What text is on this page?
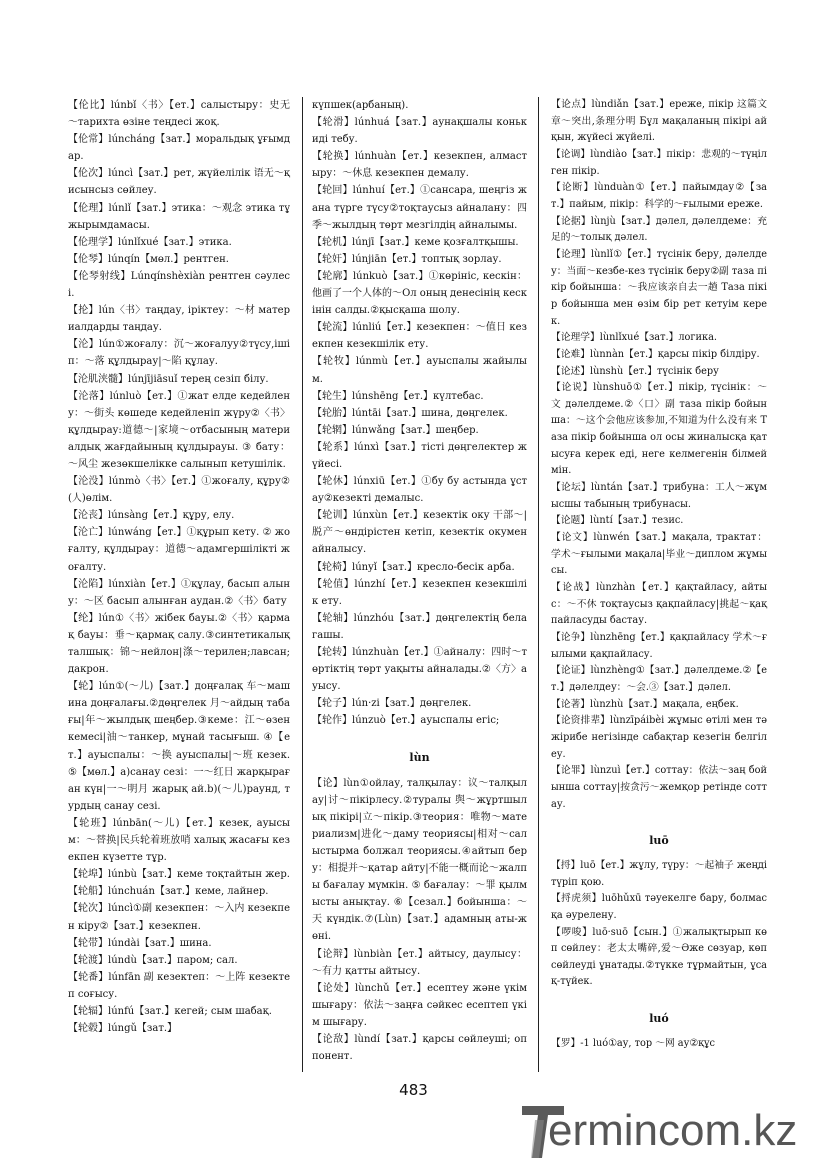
【伦比】lúnbǐ〈书〉【ет.】салыстыру：史无～тарихта өзіне теңдесі жоқ.

【伦常】lúncháng【зат.】моральдық ұғымдар.

【伦次】lúncì【зат.】рет, жүйелілік 语无～қисынсыз сөйлеу.

【伦理】lúnlǐ【зат.】этика：～观念 этика тұжырымдамасы.

【伦理学】lúnlǐxué【зат.】этика.

【伦琴】lúnqín【мөл.】рентген.

【伦琴射线】Lúnqínshèxiàn рентген сәулесі.

【抡】lún〈书〉таңдау, іріктеу：～材 материалдарды таңдау.

【沦】lún①жоғалу：沉～жоғалуу②түсу,ішіп：～落 құлдырау|～陷 құлау.

【沦肌浃髓】lúnjījiāsuǐ терең сезіп білу.

【沦落】lúnluò【ет.】①жат елде кедейлену：～街头 көшеде кедейленіп жүру②〈书〉құлдырау:道德～|家境～отбасының материалдық жағдайының құлдырауы. ③ бату：～风尘 жезөкшелікке салынып кетушілік.

【沦没】lúnmò〈书〉【ет.】①жоғалу, құру②(人)өлім.

【沦丧】lúnsàng【ет.】құру, елу.

【沦亡】lúnwáng【ет.】①құрып кету. ② жоғалту, құлдырау：道德～адамгершілікті жоғалту.

【沦陷】lúnxiàn【ет.】①құлау, басып алыну：～区 басып алынған аудан.②〈书〉бату

【纶】lún①〈书〉жібек бауы.②〈书〉қармақ бауы：垂～қармақ салу.③синтетикалық талшық：锦～нейлон|涤～терилен;лавсан;дакрон.

【轮】lún①(～儿)【зат.】доңғалақ 车～машина доңғалағы.②дөңгелек 月～айдың табағы|年～жылдық шеңбер.③кеме：江～өзен кемесі|油～танкер, мұнай тасығыш. ④【ет.】ауыспалы：～换 ауыспалы|～班 кезек. ⑤【мөл.】а)санау сезі：一～红日 жарқыраған күн|一～明月 жарық ай.b)(～儿)раунд, турдың санау сезі.

【轮班】lúnbān(～儿)【ет.】кезек, ауысым：～替换|民兵轮着班放哨 халық жасағы кезекпен күзетте тұр.

【轮埠】lúnbù【зат.】кеме тоқтайтын жер.

【轮船】lúnchuán【зат.】кеме, лайнер.

【轮次】lúncì①副 кезекпен：～入内 кезекпен кіру②【зат.】кезекпен.

【轮带】lúndài【зат.】шина.

【轮渡】lúndù【зат.】паром; сал.

【轮番】lúnfān 副 кезектеп：～上阵 кезектеп соғысу.

【轮辐】lúnfú【зат.】кегей; сым шабақ.

【轮毂】lúngǔ【зат.】

күпшек(арбаның).

【轮滑】lúnhuá【зат.】аунақшалы конькиді тебу.

【轮换】lúnhuàn【ет.】кезекпен, алмастыру：～休息 кезекпен демалу.

【轮回】lúnhuí【ет.】①сансара, шеңгіз жана түрге түсу②тоқтаусыз айналану：四季～жылдың төрт мезгілдің айналымы.

【轮机】lúnjī【зат.】кеме қозғалтқышы.

【轮奸】lúnjiān【ет.】топтық зорлау.

【轮廓】lúnkuò【зат.】①көрініс, кескін：他画了一个人体的～Ол оның денесінің кескінін салды.②қысқаша шолу.

【轮流】lúnliú【ет.】кезекпен：～值日 кезекпен кезекшілік ету.

【轮牧】lúnmù【ет.】ауыспалы жайылым.

【轮生】lúnshēng【ет.】күлтебас.

【轮胎】lúntāi【зат.】шина, дөңгелек.

【轮辋】lúnwǎng【зат.】шеңбер.

【轮系】lúnxì【зат.】тісті дөңгелектер жүйесі.

【轮休】lúnxiū【ет.】①бу бу астында ұстау②кезекті демалыс.

【轮训】lúnxùn【ет.】кезектік оку 干部～|脱产～өндірістен кетіп, кезектік окумен айналысу.

【轮椅】lúnyǐ【зат.】кресло-бесік арба.

【轮值】lúnzhí【ет.】кезекпен кезекшілік ету.

【轮轴】lúnzhóu【зат.】дөңгелектің белагашы.

【轮转】lúnzhuàn【ет.】①айналу：四时～төртіктің төрт уақыты айналады.②〈方〉ауысу.

【轮子】lún·zi【зат.】дөңгелек.

【轮作】lúnzuò【ет.】ауыспалы егіс;

lùn

【论】lùn①ойлау, талқылау：议～талқылау|讨～пікірлесу.②туралы 舆～жұртшылық пікірі|立～пікір.③теория：唯物～материализм|进化～даму теориясы|相对～салыстырма болжал теориясы.④айтып беру：相提并～қатар айту|不能一概而论～жалпы бағалау мүмкін. ⑤ бағалау：～罪 қылмысты анықтау. ⑥【сезал.】бойынша：～天 күндік.⑦(Lùn)【зат.】адамның аты-жөні.

【论辩】lùnbiàn【ет.】айтысу, даулысу：～有力 қатты айтысу.

【论处】lùnchǔ【ет.】есептеу және үкім шығару：依法～заңға сәйкес есептеп үкім шығару.

【论敌】lùndí【зат.】қарсы сөйлеуші; оппонент.

【论点】lùndiǎn【зат.】ереже, пікір 这篇文章～突出,条理分明 Бұл мақаланың пікірі айқын, жүйесі жүйелі.

【论调】lùndiào【зат.】пікір：悲观的～түңілген пікір.

【论断】lùnduàn①【ет.】пайымдау②【зат.】пайым, пікір：科学的～ғылыми ереже.

【论据】lùnjù【зат.】дәлел, дәлелдеме：充足的～толық дәлел.

【论理】lùnlǐ①【ет.】түсінік беру, дәлелдеу：当面～кезбе-кез түсінік беру②副 таза пікір бойынша：～我应该亲自去一趟 Таза пікір бойынша мен өзім бір рет кетуім керек.

【论理学】lùnlǐxué【зат.】логика.

【论难】lùnnàn【ет.】қарсы пікір білдіру.

【论述】lùnshù【ет.】түсінік беру

【论说】lùnshuō①【ет.】пікір, түсінік：～文 дәлелдеме.②〈口〉副 таза пікір бойынша：～这个会他应该参加,不知道为什么没有来 Таза пікір бойынша ол осы жиналысқа қатысуға керек еді, неге келмегенін білмеймін.

【论坛】lùntán【зат.】трибуна：工人～жұмысшы табының трибунасы.

【论题】lùntí【зат.】тезис.

【论文】lùnwén【зат.】мақала, трактат：学术～ғылыми мақала|毕业～диплом жұмысы.

【论战】lùnzhàn【ет.】қақтайласу, айтыс：～不休 тоқтаусыз қақпайласу|挑起～қақпайласуды бастау.

【论争】lùnzhēng【ет.】қақпайласу 学术～ғылыми қақпайласу.

【论证】lùnzhèng①【зат.】дәлелдеме.②【ет.】дәлелдеу：～会.③【зат.】дәлел.

【论著】lùnzhù【зат.】мақала, еңбек.

【论资排辈】lùnzīpáibèi жұмыс өтілі мен тәжірибе негізінде сабақтар кезегін белгілеу.

【论罪】lùnzuì【ет.】соттау：依法～заң бойынша соттау|按贪污～жемқор ретінде соттау.

luō

【捋】luō【ет.】жұлу, түру：～起袖子 жеңді түріп қою.

【捋虎须】luōhǔxū тәуекелге бару, болмасқа әурелену.

【啰唆】luō·suō【сын.】①жалықтырып көп сөйлеу：老太太嘴碎,爱～Әже сөзуар, көп сөйлеуді ұнатады.②түкке тұрмайтын, ұсақ-түйек.

luó

【罗】-1 luó①ау, тор ～网 ау②құс

483
ermincom.kz
